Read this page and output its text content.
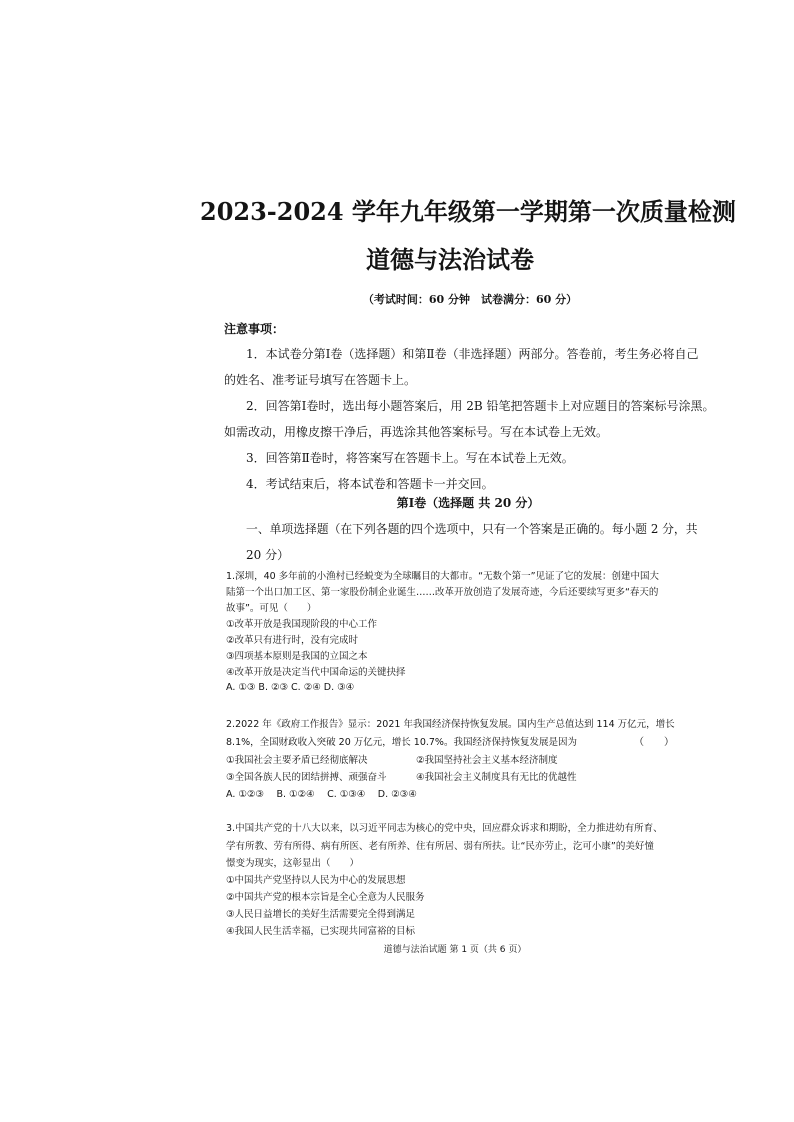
2023-2024 学年九年级第一学期第一次质量检测
道德与法治试卷
（考试时间：60 分钟　试卷满分：60 分）
注意事项：
1．本试卷分第Ⅰ卷（选择题）和第Ⅱ卷（非选择题）两部分。答卷前，考生务必将自己
的姓名、准考证号填写在答题卡上。
2．回答第Ⅰ卷时，选出每小题答案后，用 2B 铅笔把答题卡上对应题目的答案标号涂黑。
如需改动，用橡皮擦干净后，再选涂其他答案标号。写在本试卷上无效。
3．回答第Ⅱ卷时，将答案写在答题卡上。写在本试卷上无效。
4．考试结束后，将本试卷和答题卡一并交回。
第Ⅰ卷（选择题 共 20 分）
一、单项选择题（在下列各题的四个选项中，只有一个答案是正确的。每小题 2 分，共
20 分）
1.深圳，40 多年前的小渔村已经蜕变为全球瞩目的大都市。“无数个第一”见证了它的发展：创建中国大
陆第一个出口加工区、第一家股份制企业诞生……改革开放创造了发展奇迹，今后还要续写更多“春天的
故事”。可见（　　）
①改革开放是我国现阶段的中心工作
②改革只有进行时，没有完成时
③四项基本原则是我国的立国之本
④改革开放是决定当代中国命运的关键抉择
A. ①③ B. ②③ C. ②④ D. ③④
2.2022 年《政府工作报告》显示：2021 年我国经济保持恢复发展。国内生产总值达到 114 万亿元，增长
8.1%，全国财政收入突破 20 万亿元，增长 10.7%。我国经济保持恢复发展是因为	（　　）
①我国社会主要矛盾已经彻底解决	②我国坚持社会主义基本经济制度
③全国各族人民的团结拼搏、顽强奋斗	④我国社会主义制度具有无比的优越性
A. ①②③　 B. ①②④　 C. ①③④　 D. ②③④
3.中国共产党的十八大以来，以习近平同志为核心的党中央，回应群众诉求和期盼，全力推进幼有所育、
学有所教、劳有所得、病有所医、老有所养、住有所居、弱有所扶。让“民亦劳止，汔可小康”的美好憧
憬变为现实，这彰显出（　　）
①中国共产党坚持以人民为中心的发展思想
②中国共产党的根本宗旨是全心全意为人民服务
③人民日益增长的美好生活需要完全得到满足
④我国人民生活幸福，已实现共同富裕的目标
道德与法治试题 第 1 页（共 6 页）
